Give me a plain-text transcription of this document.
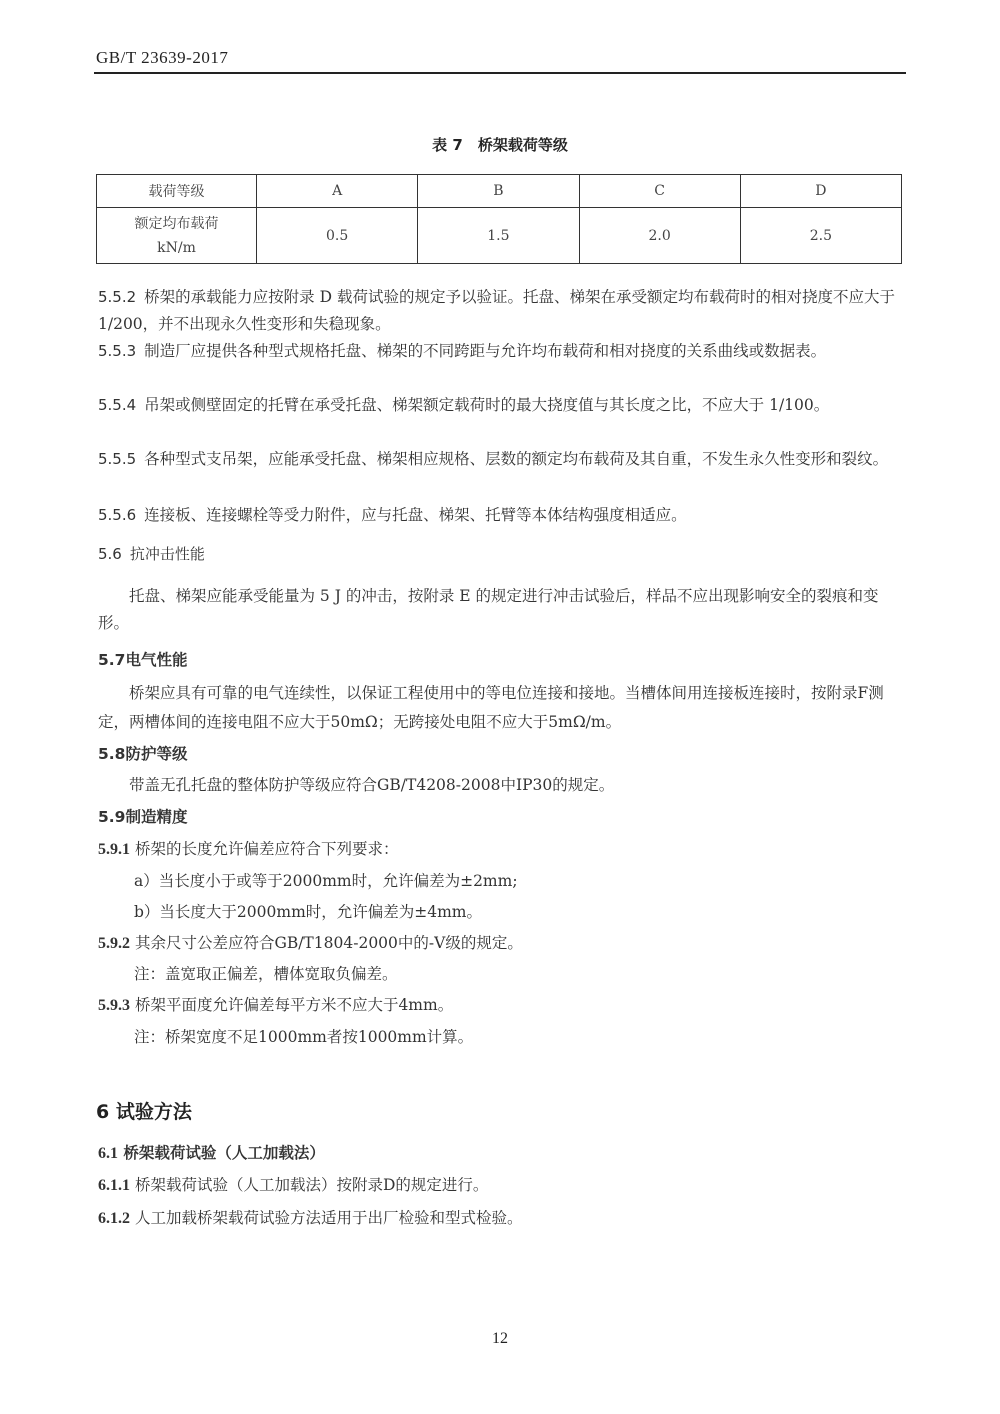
GB/T 23639-2017
表 7　桥架载荷等级
载荷等级	A	B	C	D

额定均布载荷
kN/m	0.5	1.5	2.0	2.5
5.5.2 桥架的承载能力应按附录 D 载荷试验的规定予以验证。托盘、梯架在承受额定均布载荷时的相对挠度不应大于 1/200，并不出现永久性变形和失稳现象。
5.5.3 制造厂应提供各种型式规格托盘、梯架的不同跨距与允许均布载荷和相对挠度的关系曲线或数据表。
5.5.4 吊架或侧壁固定的托臂在承受托盘、梯架额定载荷时的最大挠度值与其长度之比，不应大于 1/100。
5.5.5 各种型式支吊架，应能承受托盘、梯架相应规格、层数的额定均布载荷及其自重，不发生永久性变形和裂纹。
5.5.6 连接板、连接螺栓等受力附件，应与托盘、梯架、托臂等本体结构强度相适应。
5.6 抗冲击性能
托盘、梯架应能承受能量为 5 J 的冲击，按附录 E 的规定进行冲击试验后，样品不应出现影响安全的裂痕和变形。
5.7电气性能
桥架应具有可靠的电气连续性，以保证工程使用中的等电位连接和接地。当槽体间用连接板连接时，按附录F测定，两槽体间的连接电阻不应大于50mΩ；无跨接处电阻不应大于5mΩ/m。
5.8防护等级
带盖无孔托盘的整体防护等级应符合GB/T4208-2008中IP30的规定。
5.9制造精度
5.9.1 桥架的长度允许偏差应符合下列要求：
a）当长度小于或等于2000mm时，允许偏差为±2mm;
b）当长度大于2000mm时，允许偏差为±4mm。
5.9.2 其余尺寸公差应符合GB/T1804-2000中的-V级的规定。
注：盖宽取正偏差，槽体宽取负偏差。
5.9.3 桥架平面度允许偏差每平方米不应大于4mm。
注：桥架宽度不足1000mm者按1000mm计算。
6 试验方法
6.1 桥架载荷试验（人工加载法）
6.1.1 桥架载荷试验（人工加载法）按附录D的规定进行。
6.1.2 人工加载桥架载荷试验方法适用于出厂检验和型式检验。
12
